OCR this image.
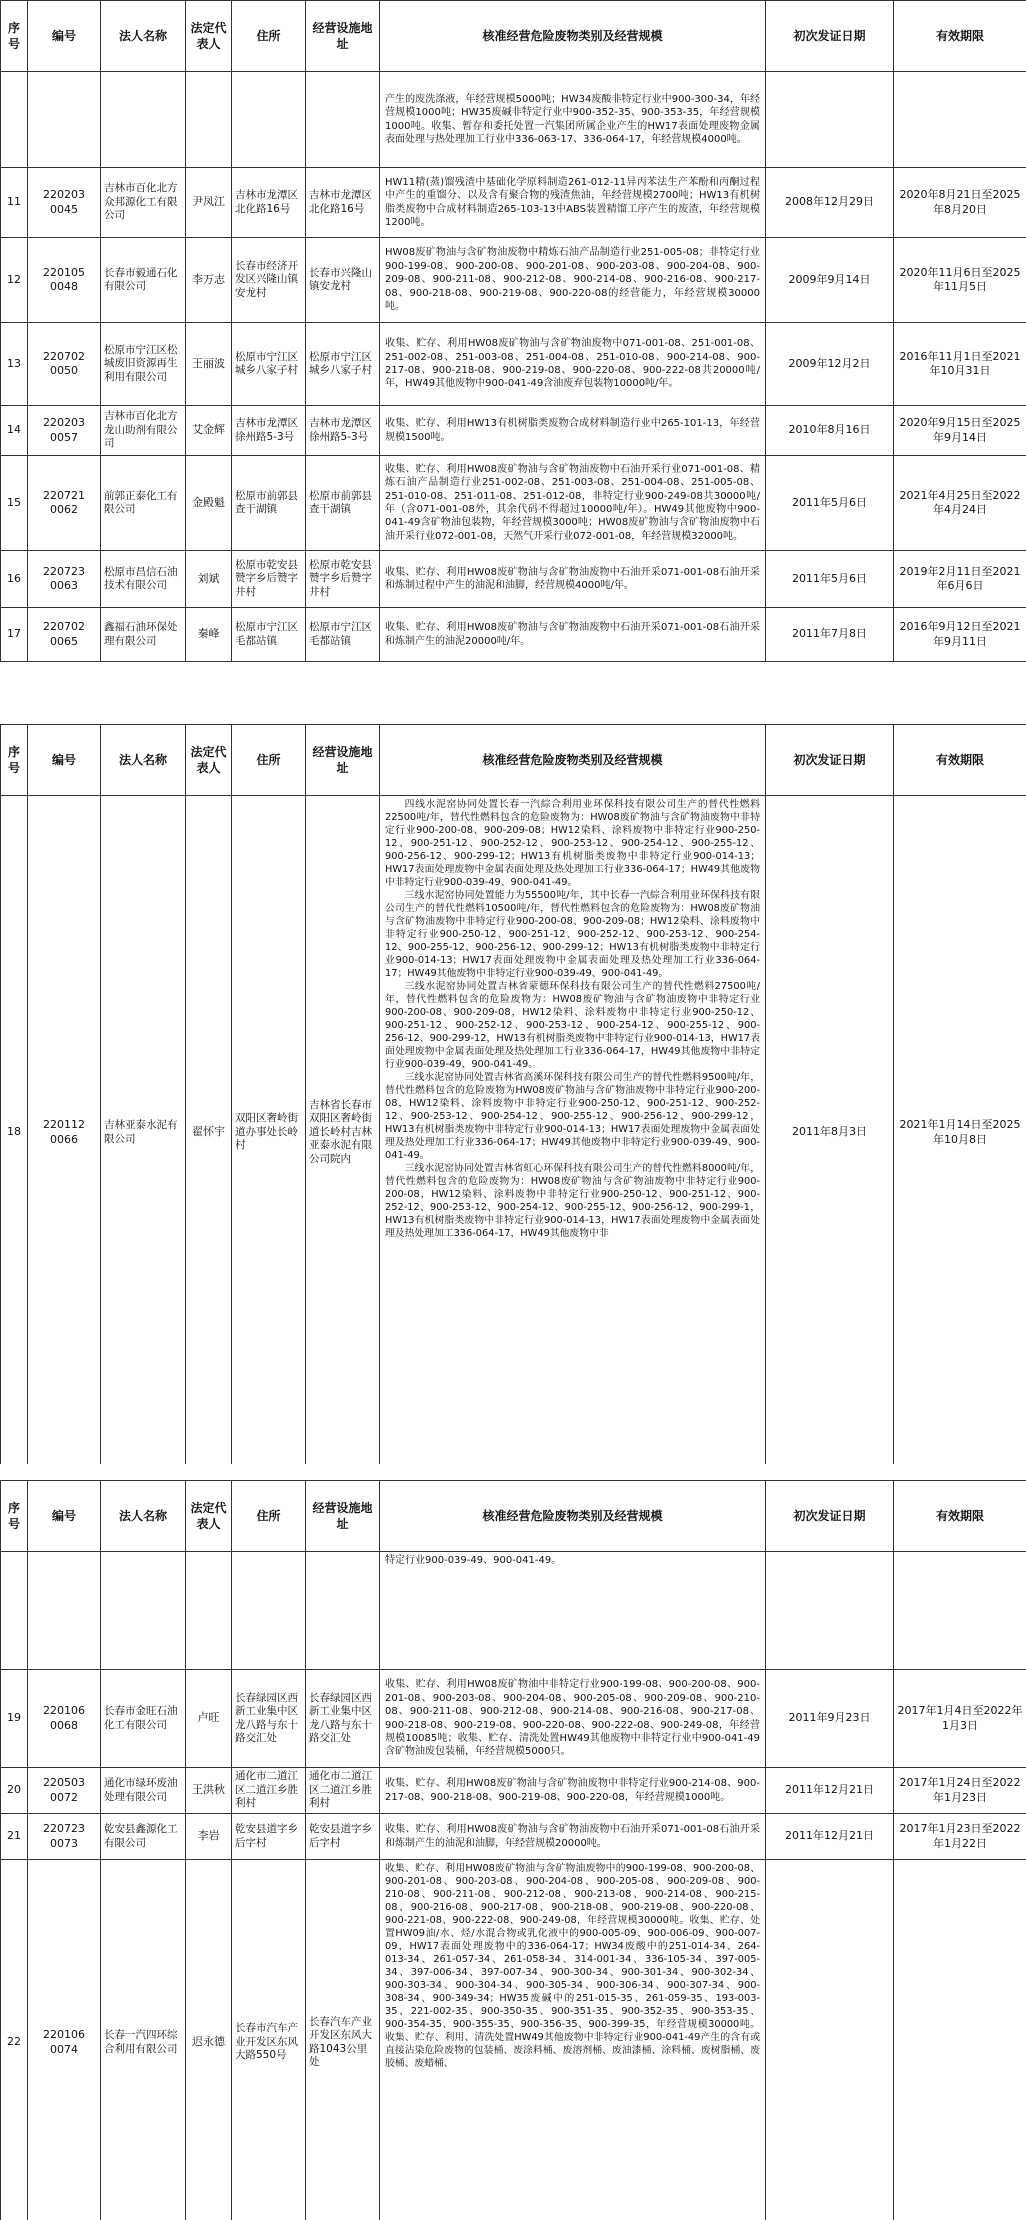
序号	编号	法人名称	法定代表人	住所	经营设施地址	核准经营危险废物类别及经营规模	初次发证日期	有效期限
						产生的废洗涤液，年经营规模5000吨；HW34废酸非特定行业中900-300-34，年经营规模1000吨；HW35废碱非特定行业中900-352-35、900-353-35，年经营规模1000吨。收集、暂存和委托处置一汽集团所属企业产生的HW17表面处理废物金属表面处理与热处理加工行业中336-063-17、336-064-17，年经营规模4000吨。		
11	220203 0045	吉林市百化北方众邦源化工有限公司	尹凤江	吉林市龙潭区北化路16号	吉林市龙潭区北化路16号	HW11精(蒸)馏残渣中基础化学原料制造261-012-11异丙苯法生产苯酚和丙酮过程中产生的重馏分、以及含有聚合物的残渣焦油，年经营规模2700吨；HW13有机树脂类废物中合成材料制造265-103-13中ABS装置精馏工序产生的废渣，年经营规模1200吨。	2008年12月29日	2020年8月21日至2025年8月20日
12	220105 0048	长春市毅通石化有限公司	李万志	长春市经济开发区兴隆山镇安龙村	长春市兴隆山镇安龙村	HW08废矿物油与含矿物油废物中精炼石油产品制造行业251-005-08；非特定行业900-199-08、900-200-08、900-201-08、900-203-08、900-204-08、900-209-08、900-211-08、900-212-08、900-214-08、900-216-08、900-217-08、900-218-08、900-219-08、900-220-08的经营能力，年经营规模30000吨。	2009年9月14日	2020年11月6日至2025年11月5日
13	220702 0050	松原市宁江区松城废旧资源再生利用有限公司	王丽波	松原市宁江区城乡八家子村	松原市宁江区城乡八家子村	收集、贮存、利用HW08废矿物油与含矿物油废物中071-001-08、251-001-08、251-002-08、251-003-08、251-004-08、251-010-08、900-214-08、900-217-08、900-218-08、900-219-08、900-220-08、900-222-08共20000吨/年，HW49其他废物中900-041-49含油废弃包装物10000吨/年。	2009年12月2日	2016年11月1日至2021年10月31日
14	220203 0057	吉林市百化北方龙山助剂有限公司	艾金辉	吉林市龙潭区徐州路5-3号	吉林市龙潭区徐州路5-3号	收集、贮存、利用HW13有机树脂类废物合成材料制造行业中265-101-13，年经营规模1500吨。	2010年8月16日	2020年9月15日至2025年9月14日
15	220721 0062	前郭正泰化工有限公司	金殿魁	松原市前郭县查干湖镇	松原市前郭县查干湖镇	收集、贮存、利用HW08废矿物油与含矿物油废物中石油开采行业071-001-08、精炼石油产品制造行业251-002-08、251-003-08、251-004-08、251-005-08、251-010-08、251-011-08、251-012-08，非特定行业900-249-08共30000吨/年（含071-001-08外，其余代码不得超过10000吨/年）。HW49其他废物中900-041-49含矿物油包装物，年经营规模3000吨；HW08废矿物油与含矿物油废物中石油开采行业072-001-08，天然气开采行业072-001-08，年经营规模32000吨。	2011年5月6日	2021年4月25日至2022年4月24日
16	220723 0063	松原市昌信石油技术有限公司	刘斌	松原市乾安县赞字乡后赞字井村	松原市乾安县赞字乡后赞字井村	收集、贮存、利用HW08废矿物油与含矿物油废物中石油开采071-001-08石油开采和炼制过程中产生的油泥和油脚，经营规模4000吨/年。	2011年5月6日	2019年2月11日至2021年6月6日
17	220702 0065	鑫福石油环保处理有限公司	秦峰	松原市宁江区毛都站镇	松原市宁江区毛都站镇	收集、贮存、利用HW08废矿物油与含矿物油废物中石油开采071-001-08石油开采和炼制产生的油泥20000吨/年。	2011年7月8日	2016年9月12日至2021年9月11日
序号	编号	法人名称	法定代表人	住所	经营设施地址	核准经营危险废物类别及经营规模	初次发证日期	有效期限
18	220112 0066	吉林亚泰水泥有限公司	翟怀宇	双阳区奢岭街道办事处长岭村	吉林省长春市双阳区奢岭街道长岭村吉林亚泰水泥有限公司院内	四线水泥窑协同处置长春一汽綜合利用业环保科技有限公司生产的替代性燃料22500吨/年，替代性燃料包含的危险废物为：HW08废矿物油与含矿物油废物中非特定行业900-200-08、900-209-08；HW12染料、涂料废物中非特定行业900-250-12、900-251-12、900-252-12、900-253-12、900-254-12、900-255-12、900-256-12、900-299-12；HW13有机树脂类废物中非特定行业900-014-13；HW17表面处理废物中金属表面处理及热处理加工行业336-064-17；HW49其他废物中非特定行业900-039-49、900-041-49。
三线水泥窑协同处置能力为55500吨/年，其中长春一汽綜合利用业环保科技有限公司生产的替代性燃料10500吨/年，替代性燃料包含的危险废物为：HW08废矿物油与含矿物油废物中非特定行业900-200-08、900-209-08；HW12染料、涂料废物中非特定行业900-250-12、900-251-12、900-252-12、900-253-12、900-254-12、900-255-12、900-256-12、900-299-12；HW13有机树脂类废物中非特定行业900-014-13；HW17表面处理废物中金属表面处理及热处理加工行业336-064-17；HW49其他废物中非特定行业900-039-49、900-041-49。
三线水泥窑协同处置吉林省蒙德环保科技有限公司生产的替代性燃料27500吨/年，替代性燃料包含的危险废物为：HW08废矿物油与含矿物油废物中非特定行业900-200-08、900-209-08，HW12染料、涂料废物中非特定行业900-250-12、900-251-12、900-252-12、900-253-12、900-254-12、900-255-12、900-256-12、900-299-12，HW13有机树脂类废物中非特定行业900-014-13，HW17表面处理废物中金属表面处理及热处理加工行业336-064-17，HW49其他废物中非特定行业900-039-49、900-041-49。
三线水泥窑协同处置吉林省高溪环保科技有限公司生产的替代性燃料9500吨/年，替代性燃料包含的危险废物为HW08废矿物油与含矿物油废物中非特定行业900-200-08，HW12染料、涂料废物中非特定行业900-250-12、900-251-12、900-252-12、900-253-12、900-254-12、900-255-12、900-256-12、900-299-12，HW13有机树脂类废物中非特定行业900-014-13；HW17表面处理废物中金属表面处理及热处理加工行业336-064-17；HW49其他废物中非特定行业900-039-49、900-041-49。
三线水泥窑协同处置吉林省虹心环保科技有限公司生产的替代性燃料8000吨/年，替代性燃料包含的危险废物为：HW08废矿物油与含矿物油废物中非特定行业900-200-08，HW12染料、涂料废物中非特定行业900-250-12、900-251-12、900-252-12、900-253-12、900-254-12、900-255-12、900-256-12、900-299-1，HW13有机树脂类废物中非特定行业900-014-13，HW17表面处理废物中金属表面处理及热处理加工336-064-17，HW49其他废物中非	2011年8月3日	2021年1月14日至2025年10月8日
序号	编号	法人名称	法定代表人	住所	经营设施地址	核准经营危险废物类别及经营规模	初次发证日期	有效期限
						特定行业900-039-49、900-041-49。		
19	220106 0068	长春市金旺石油化工有限公司	卢旺	长春绿园区西新工业集中区龙八路与东十路交汇处	长春绿园区西新工业集中区龙八路与东十路交汇处	收集、贮存、利用HW08废矿物油中非特定行业900-199-08、900-200-08、900-201-08、900-203-08、900-204-08、900-205-08、900-209-08、900-210-08、900-211-08、900-212-08、900-214-08、900-216-08、900-217-08、900-218-08、900-219-08、900-220-08、900-222-08、900-249-08，年经营规模10085吨；收集、贮存、清洗处置HW49其他废物中非特定行业中900-041-49含矿物油废包装桶，年经营规模5000只。	2011年9月23日	2017年1月4日至2022年1月3日
20	220503 0072	通化市绿环废油处理有限公司	王洪秋	通化市二道江区二道江乡胜利村	通化市二道江区二道江乡胜利村	收集、贮存、利用HW08废矿物油与含矿物油废物中非特定行业900-214-08、900-217-08、900-218-08、900-219-08、900-220-08，年经营规模1000吨。	2011年12月21日	2017年1月24日至2022年1月23日
21	220723 0073	乾安县鑫源化工有限公司	李岩	乾安县道字乡后字村	乾安县道字乡后字村	收集、贮存、利用HW08废矿物油与含矿物油废物中石油开采071-001-08石油开采和炼制产生的油泥和油脚，年经营规模20000吨。	2011年12月21日	2017年1月23日至2022年1月22日
22	220106 0074	长春一汽四环综合利用有限公司	迟永德	长春市汽车产业开发区东风大路550号	长春汽车产业开发区东风大路1043公里处	收集、贮存、利用HW08废矿物油与含矿物油废物中的900-199-08、900-200-08、900-201-08、900-203-08、900-204-08、900-205-08、900-209-08、900-210-08、900-211-08、900-212-08、900-213-08、900-214-08、900-215-08、900-216-08、900-217-08、900-218-08、900-219-08、900-220-08、900-221-08、900-222-08、900-249-08，年经营规模30000吨。收集、贮存、处置HW09油/水、烃/水混合物或乳化液中的900-005-09、900-006-09、900-007-09，HW17表面处理废物中的336-064-17；HW34废酸中的251-014-34、264-013-34、261-057-34、261-058-34、314-001-34、336-105-34、397-005-34、397-006-34、397-007-34、900-300-34、900-301-34、900-302-34、900-303-34、900-304-34、900-305-34、900-306-34、900-307-34、900-308-34、900-349-34；HW35废碱中的251-015-35、261-059-35、193-003-35、221-002-35、900-350-35、900-351-35、900-352-35、900-353-35、900-354-35、900-355-35、900-356-35、900-399-35，年经营规模30000吨。收集、贮存、利用、清洗处置HW49其他废物中非特定行业900-041-49产生的含有或直接沾染危险废物的包装桶、废涂料桶、废溶剂桶、废油漆桶、涂料桶、废树脂桶、废胶桶、废蜡桶、		
